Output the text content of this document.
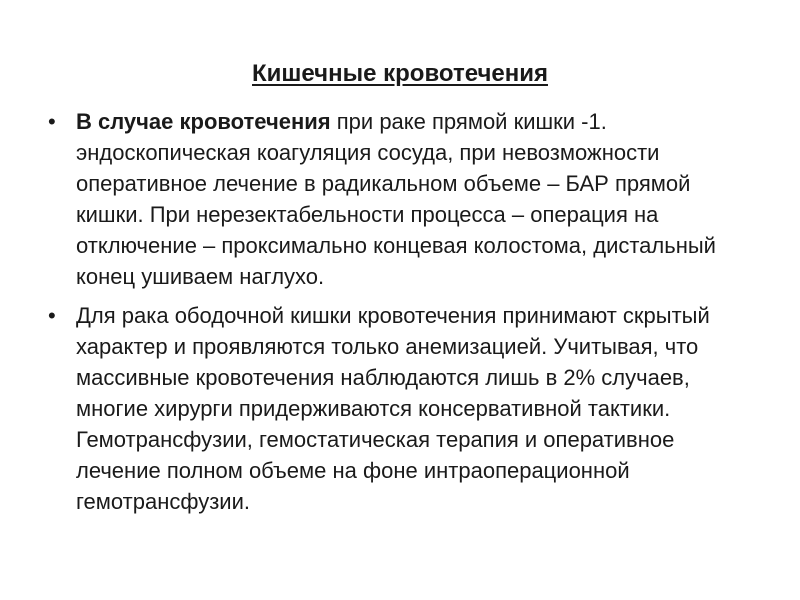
Кишечные кровотечения
• В случае кровотечения при раке прямой кишки -1. эндоскопическая коагуляция сосуда, при невозможности оперативное лечение в радикальном объеме – БАР прямой кишки. При нерезектабельности процесса – операция на отключение – проксимально концевая колостома, дистальный конец ушиваем наглухо.
• Для рака ободочной кишки кровотечения принимают скрытый характер и проявляются только анемизацией. Учитывая, что массивные кровотечения наблюдаются лишь в 2% случаев, многие хирурги придерживаются консервативной тактики. Гемотрансфузии, гемостатическая терапия и оперативное лечение полном объеме на фоне интраоперационной гемотрансфузии.
